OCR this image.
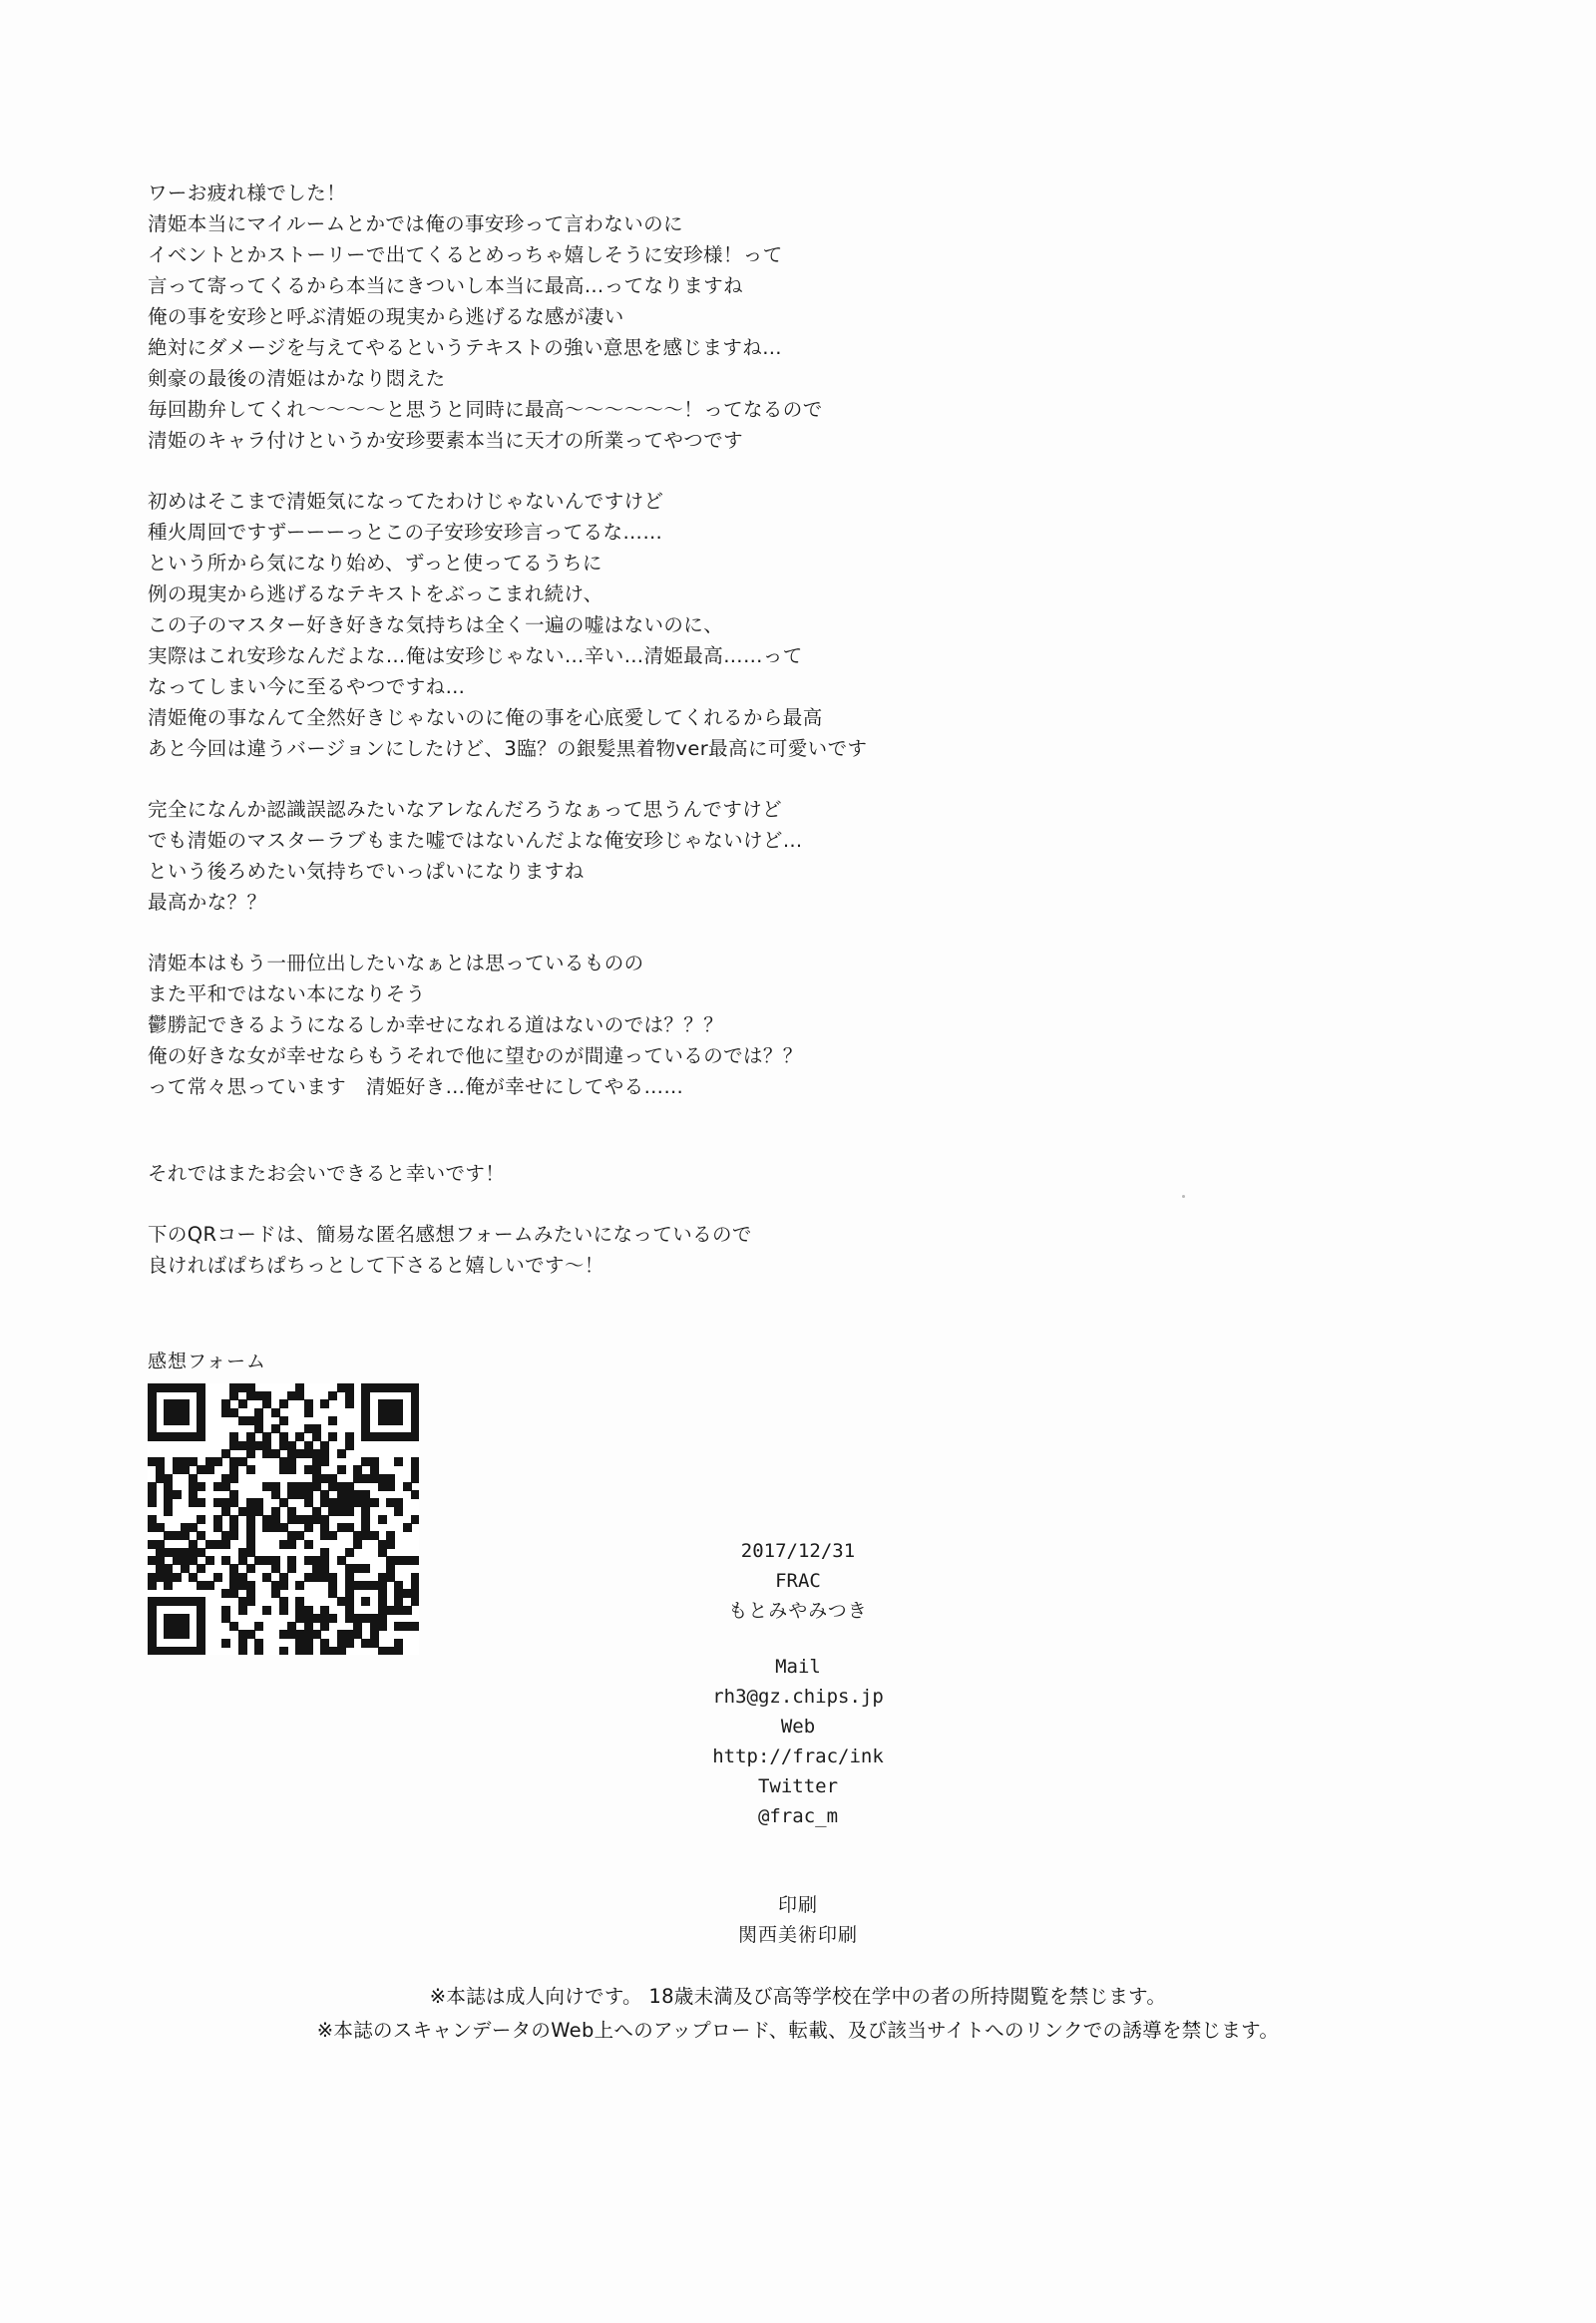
ワーお疲れ様でした！
清姫本当にマイルームとかでは俺の事安珍って言わないのに
イベントとかストーリーで出てくるとめっちゃ嬉しそうに安珍様！って
言って寄ってくるから本当にきついし本当に最高…ってなりますね
俺の事を安珍と呼ぶ清姫の現実から逃げるな感が凄い
絶対にダメージを与えてやるというテキストの強い意思を感じますね…
剣豪の最後の清姫はかなり悶えた
毎回勘弁してくれ〜〜〜〜と思うと同時に最高〜〜〜〜〜〜！ってなるので
清姫のキャラ付けというか安珍要素本当に天才の所業ってやつです
初めはそこまで清姫気になってたわけじゃないんですけど
種火周回ですずーーーっとこの子安珍安珍言ってるな……
という所から気になり始め、ずっと使ってるうちに
例の現実から逃げるなテキストをぶっこまれ続け、
この子のマスター好き好きな気持ちは全く一遍の嘘はないのに、
実際はこれ安珍なんだよな…俺は安珍じゃない…辛い…清姫最高……って
なってしまい今に至るやつですね…
清姫俺の事なんて全然好きじゃないのに俺の事を心底愛してくれるから最高
あと今回は違うバージョンにしたけど、3臨？の銀髪黒着物ver最高に可愛いです
完全になんか認識誤認みたいなアレなんだろうなぁって思うんですけど
でも清姫のマスターラブもまた嘘ではないんだよな俺安珍じゃないけど…
という後ろめたい気持ちでいっぱいになりますね
最高かな？？
清姫本はもう一冊位出したいなぁとは思っているものの
また平和ではない本になりそう
鬱勝記できるようになるしか幸せになれる道はないのでは？？？
俺の好きな女が幸せならもうそれで他に望むのが間違っているのでは？？
って常々思っています　清姫好き…俺が幸せにしてやる……
それではまたお会いできると幸いです！
下のQRコードは、簡易な匿名感想フォームみたいになっているので
良ければぱちぱちっとして下さると嬉しいです〜！
感想フォーム
2017/12/31
FRAC
もとみやみつき
Mail
rh3@gz.chips.jp
Web
http://frac/ink
Twitter
@frac_m
印刷
関西美術印刷
※本誌は成人向けです。 18歳未満及び高等学校在学中の者の所持閲覧を禁じます。
※本誌のスキャンデータのWeb上へのアップロード、転載、及び該当サイトへのリンクでの誘導を禁じます。
